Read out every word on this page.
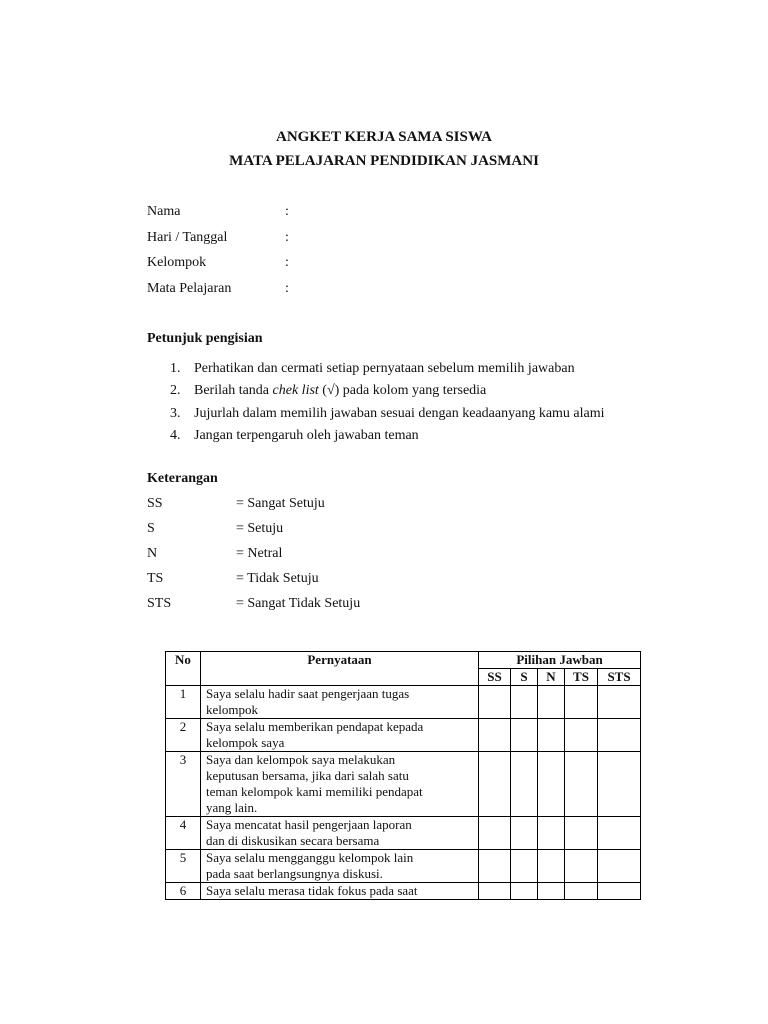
ANGKET KERJA SAMA SISWA
MATA PELAJARAN PENDIDIKAN JASMANI
Nama	:
Hari / Tanggal	:
Kelompok	:
Mata Pelajaran	:
Petunjuk pengisian
1. Perhatikan dan cermati setiap pernyataan sebelum memilih jawaban
2. Berilah tanda chek list (√) pada kolom yang tersedia
3. Jujurlah dalam memilih jawaban sesuai dengan keadaanyang kamu alami
4. Jangan terpengaruh oleh jawaban teman
Keterangan
SS	= Sangat Setuju
S	= Setuju
N	= Netral
TS	= Tidak Setuju
STS	= Sangat Tidak Setuju
No	Pernyataan	Pilihan Jawban				
		SS	S	N	TS	STS
1	Saya selalu hadir saat pengerjaan tugas
kelompok					

2	Saya selalu memberikan pendapat kepada
kelompok saya					

3	Saya dan kelompok saya melakukan
keputusan bersama, jika dari salah satu
teman kelompok kami memiliki pendapat
yang lain.					

4	Saya mencatat hasil pengerjaan laporan
dan di diskusikan secara bersama					

5	Saya selalu mengganggu kelompok lain
pada saat berlangsungnya diskusi.					

6	Saya selalu merasa tidak fokus pada saat					
